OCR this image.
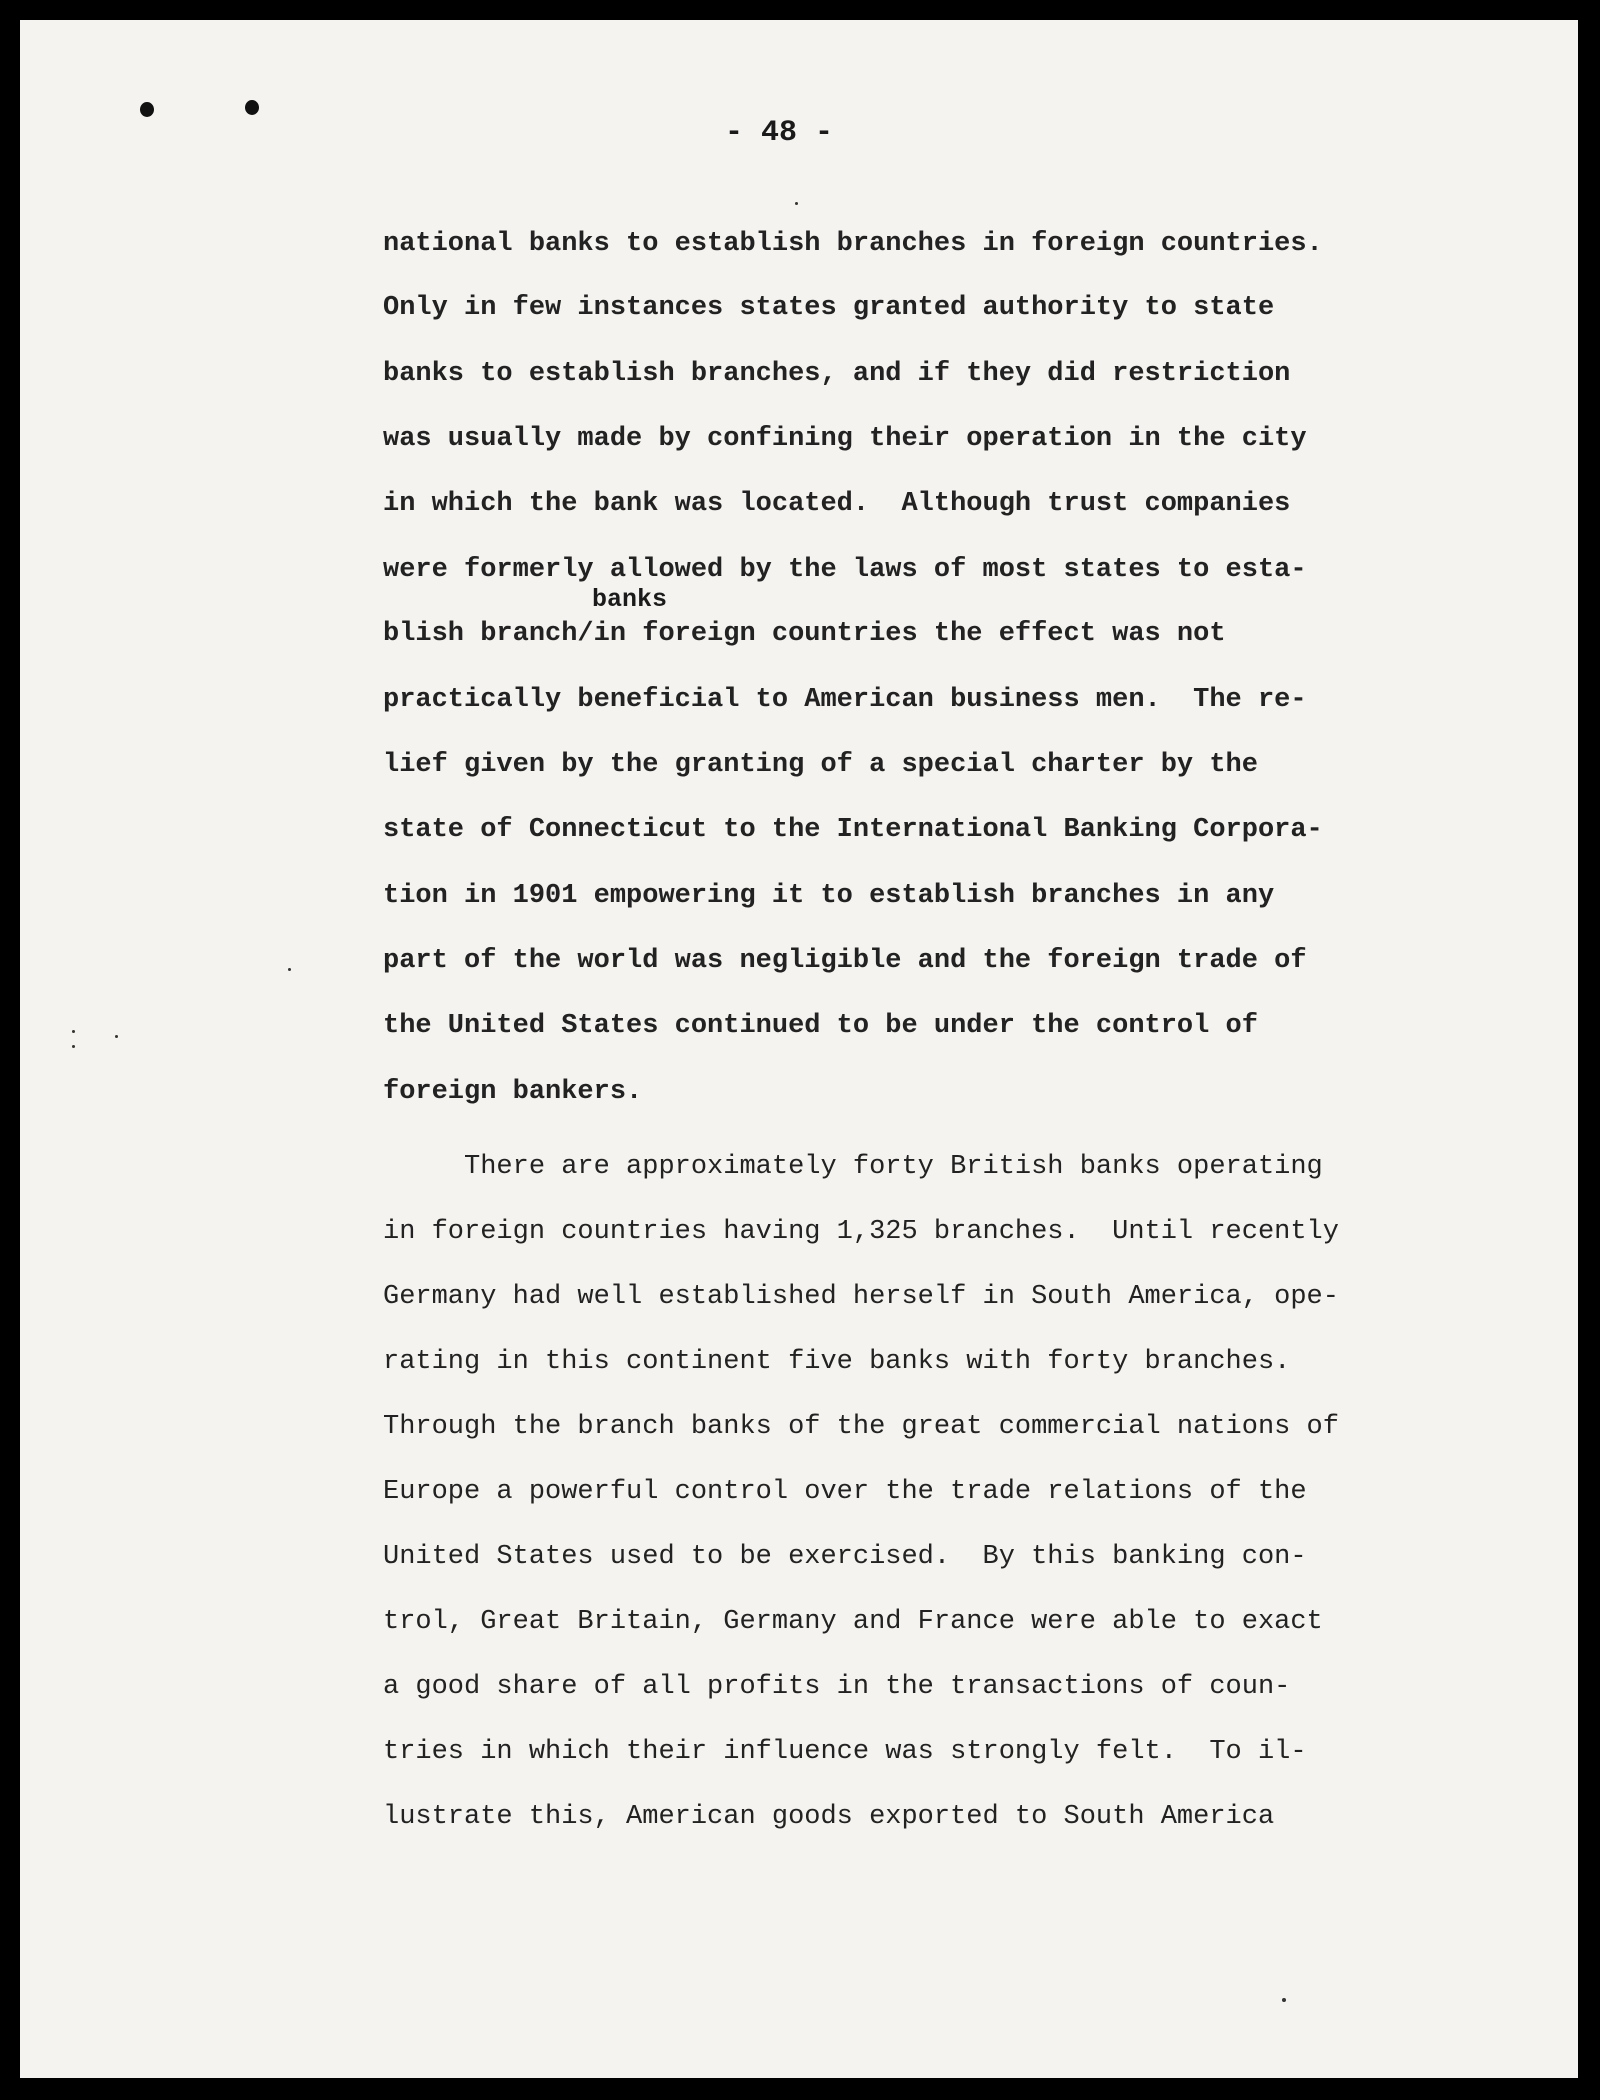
- 48 -
national banks to establish branches in foreign countries.
Only in few instances states granted authority to state
banks to establish branches, and if they did restriction
was usually made by confining their operation in the city
in which the bank was located.  Although trust companies
were formerly allowed by the laws of most states to esta-
blish branch/in foreign countries the effect was not
practically beneficial to American business men.  The re-
lief given by the granting of a special charter by the
state of Connecticut to the International Banking Corpora-
tion in 1901 empowering it to establish branches in any
part of the world was negligible and the foreign trade of
the United States continued to be under the control of
foreign bankers.
banks
There are approximately forty British banks operating
in foreign countries having 1,325 branches.  Until recently
Germany had well established herself in South America, ope-
rating in this continent five banks with forty branches.
Through the branch banks of the great commercial nations of
Europe a powerful control over the trade relations of the
United States used to be exercised.  By this banking con-
trol, Great Britain, Germany and France were able to exact
a good share of all profits in the transactions of coun-
tries in which their influence was strongly felt.  To il-
lustrate this, American goods exported to South America
